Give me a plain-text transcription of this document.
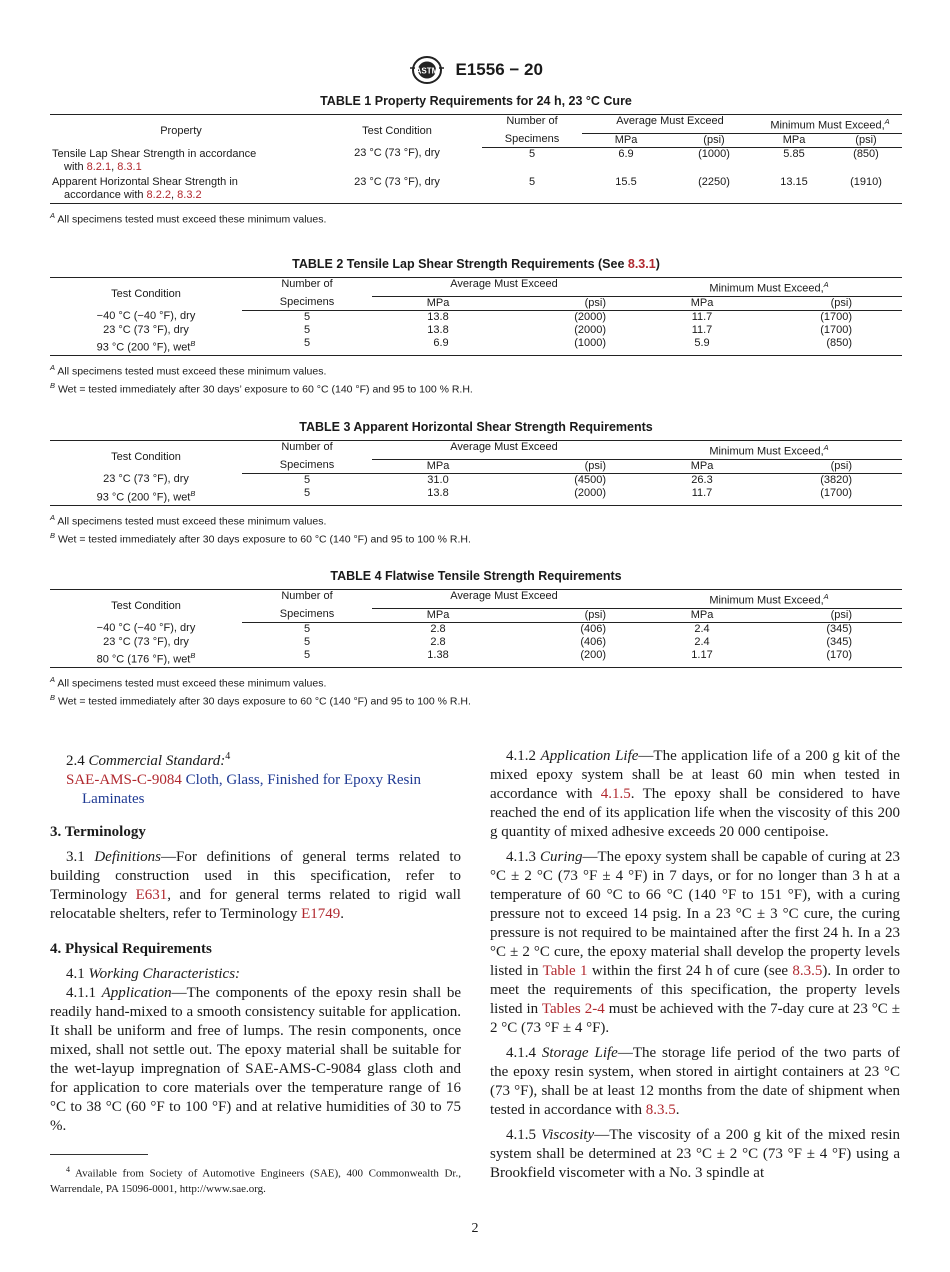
ASTM E1556 − 20
TABLE 1 Property Requirements for 24 h, 23 °C Cure
Property	Test Condition	Number of	Average Must Exceed		Minimum Must Exceed,$^A$
		Specimens	MPa	(psi)	MPa	(psi)

Tensile Lap Shear Strength in accordance
with 8.2.1, 8.3.1	23 °C (73 °F), dry	5	6.9	(1000)	5.85	(850)

Apparent Horizontal Shear Strength in
accordance with 8.2.2, 8.3.2	23 °C (73 °F), dry	5	15.5	(2250)	13.15	(1910)
$^A$ All specimens tested must exceed these minimum values.
TABLE 2 Tensile Lap Shear Strength Requirements (See 8.3.1)
Test Condition	Number of	Average Must Exceed		Minimum Must Exceed,$^A$
	Specimens	MPa	(psi)	MPa	(psi)
−40 °C (−40 °F), dry	5	13.8	(2000)	11.7	(1700)
23 °C (73 °F), dry	5	13.8	(2000)	11.7	(1700)
93 °C (200 °F), wet$^B$	5	6.9	(1000)	5.9	(850)
$^A$ All specimens tested must exceed these minimum values.
$^B$ Wet = tested immediately after 30 days’ exposure to 60 °C (140 °F) and 95 to 100 % R.H.
TABLE 3 Apparent Horizontal Shear Strength Requirements
Test Condition	Number of	Average Must Exceed		Minimum Must Exceed,$^A$
	Specimens	MPa	(psi)	MPa	(psi)
23 °C (73 °F), dry	5	31.0	(4500)	26.3	(3820)
93 °C (200 °F), wet$^B$	5	13.8	(2000)	11.7	(1700)
$^A$ All specimens tested must exceed these minimum values.
$^B$ Wet = tested immediately after 30 days exposure to 60 °C (140 °F) and 95 to 100 % R.H.
TABLE 4 Flatwise Tensile Strength Requirements
Test Condition	Number of	Average Must Exceed		Minimum Must Exceed,$^A$
	Specimens	MPa	(psi)	MPa	(psi)
−40 °C (−40 °F), dry	5	2.8	(406)	2.4	(345)
23 °C (73 °F), dry	5	2.8	(406)	2.4	(345)
80 °C (176 °F), wet$^B$	5	1.38	(200)	1.17	(170)
$^A$ All specimens tested must exceed these minimum values.
$^B$ Wet = tested immediately after 30 days exposure to 60 °C (140 °F) and 95 to 100 % R.H.

2.4 Commercial Standard:$^4$

SAE-AMS-C-9084 Cloth, Glass, Finished for Epoxy Resin Laminates

3. Terminology

3.1 Definitions—For definitions of general terms related to building construction used in this specification, refer to Terminology E631, and for general terms related to rigid wall relocatable shelters, refer to Terminology E1749.

4. Physical Requirements

4.1 Working Characteristics:

4.1.1 Application—The components of the epoxy resin shall be readily hand-mixed to a smooth consistency suitable for application. It shall be uniform and free of lumps. The resin components, once mixed, shall not settle out. The epoxy material shall be suitable for the wet-layup impregnation of SAE-AMS-C-9084 glass cloth and for application to core materials over the temperature range of 16 °C to 38 °C (60 °F to 100 °F) and at relative humidities of 30 to 75 %.

$^4$ Available from Society of Automotive Engineers (SAE), 400 Commonwealth Dr., Warrendale, PA 15096-0001, http://www.sae.org.

4.1.2 Application Life—The application life of a 200 g kit of the mixed epoxy system shall be at least 60 min when tested in accordance with 4.1.5. The epoxy shall be considered to have reached the end of its application life when the viscosity of this 200 g quantity of mixed adhesive exceeds 20 000 centipoise.

4.1.3 Curing—The epoxy system shall be capable of curing at 23 °C ± 2 °C (73 °F ± 4 °F) in 7 days, or for no longer than 3 h at a temperature of 60 °C to 66 °C (140 °F to 151 °F), with a curing pressure not to exceed 14 psig. In a 23 °C ± 3 °C cure, the curing pressure is not required to be maintained after the first 24 h. In a 23 °C ± 2 °C cure, the epoxy material shall develop the property levels listed in Table 1 within the first 24 h of cure (see 8.3.5). In order to meet the requirements of this specification, the property levels listed in Tables 2-4 must be achieved with the 7-day cure at 23 °C ± 2 °C (73 °F ± 4 °F).

4.1.4 Storage Life—The storage life period of the two parts of the epoxy resin system, when stored in airtight containers at 23 °C (73 °F), shall be at least 12 months from the date of shipment when tested in accordance with 8.3.5.

4.1.5 Viscosity—The viscosity of a 200 g kit of the mixed resin system shall be determined at 23 °C ± 2 °C (73 °F ± 4 °F) using a Brookfield viscometer with a No. 3 spindle at

2
